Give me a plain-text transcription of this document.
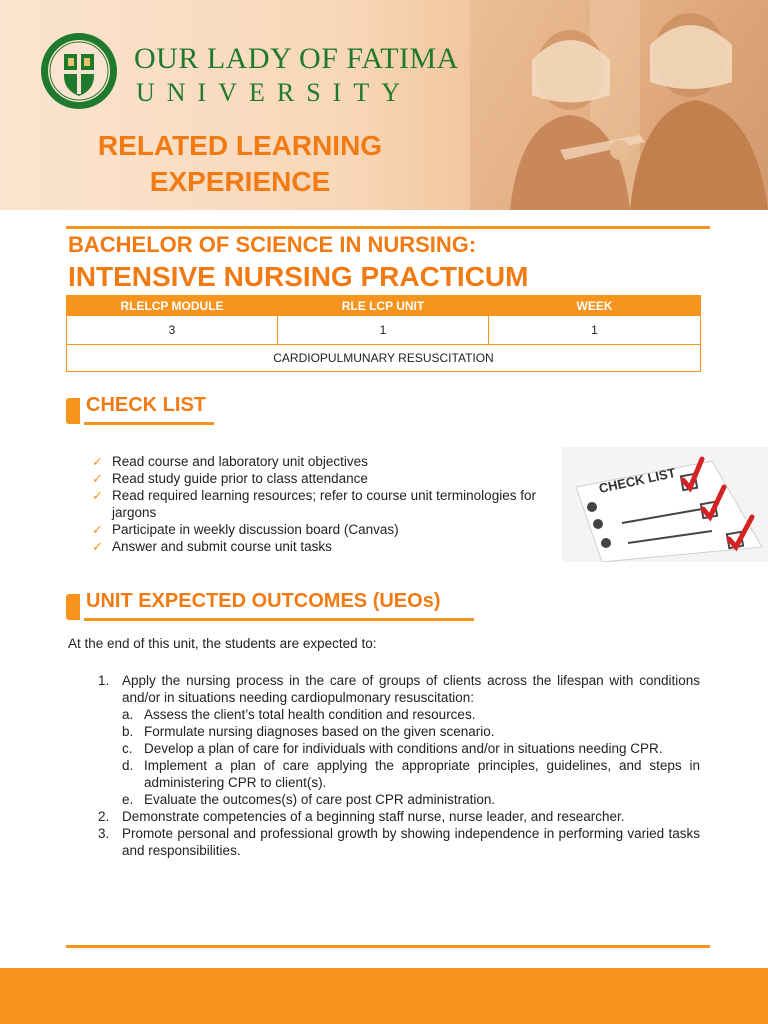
OUR LADY OF FATIMA
UNIVERSITY
RELATED LEARNING
EXPERIENCE
BACHELOR OF SCIENCE IN NURSING:
INTENSIVE NURSING PRACTICUM
RLELCP MODULE	RLE LCP UNIT	WEEK
3	1	1
CARDIOPULMUNARY RESUSCITATION		
CHECK LIST
✓ Read course and laboratory unit objectives
✓ Read study guide prior to class attendance
✓ Read required learning resources; refer to course unit terminologies for jargons
✓ Participate in weekly discussion board (Canvas)
✓ Answer and submit course unit tasks
CHECK LIST
UNIT EXPECTED OUTCOMES (UEOs)
At the end of this unit, the students are expected to:
1. Apply the nursing process in the care of groups of clients across the lifespan with conditions and/or in situations needing cardiopulmonary resuscitation:
a. Assess the client’s total health condition and resources.
b. Formulate nursing diagnoses based on the given scenario.
c. Develop a plan of care for individuals with conditions and/or in situations needing CPR.
d. Implement a plan of care applying the appropriate principles, guidelines, and steps in administering CPR to client(s).
e. Evaluate the outcomes(s) of care post CPR administration.
2. Demonstrate competencies of a beginning staff nurse, nurse leader, and researcher.
3. Promote personal and professional growth by showing independence in performing varied tasks and responsibilities.
